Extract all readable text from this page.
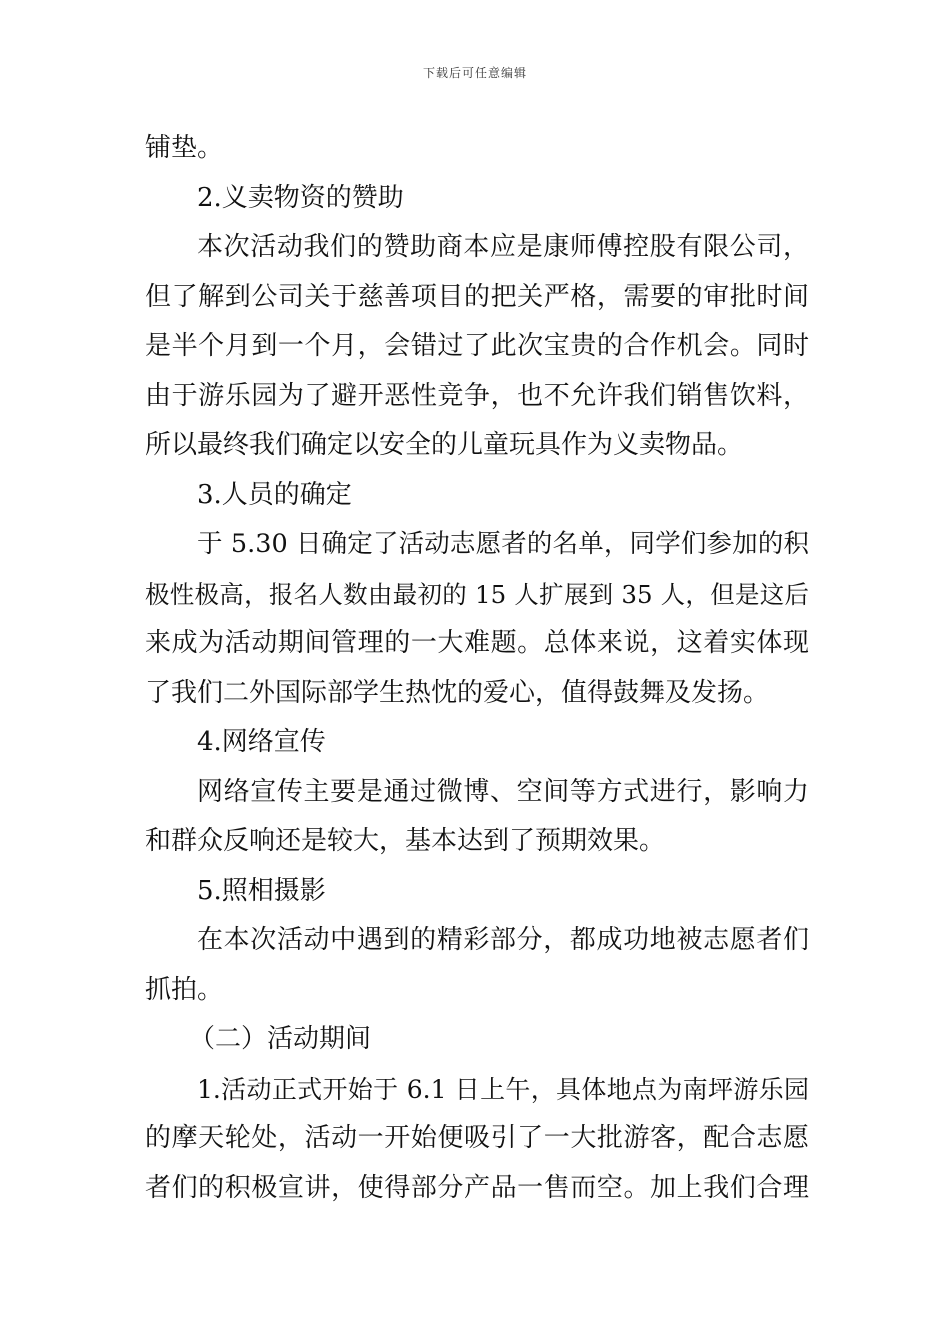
下载后可任意编辑
铺垫。
2.义卖物资的赞助
本次活动我们的赞助商本应是康师傅控股有限公司，
但了解到公司关于慈善项目的把关严格，需要的审批时间
是半个月到一个月，会错过了此次宝贵的合作机会。同时
由于游乐园为了避开恶性竞争，也不允许我们销售饮料，
所以最终我们确定以安全的儿童玩具作为义卖物品。
3.人员的确定
于 5.30 日确定了活动志愿者的名单，同学们参加的积
极性极高，报名人数由最初的 15 人扩展到 35 人，但是这后
来成为活动期间管理的一大难题。总体来说，这着实体现
了我们二外国际部学生热忱的爱心，值得鼓舞及发扬。
4.网络宣传
网络宣传主要是通过微博、空间等方式进行，影响力
和群众反响还是较大，基本达到了预期效果。
5.照相摄影
在本次活动中遇到的精彩部分，都成功地被志愿者们
抓拍。
（二）活动期间
1.活动正式开始于 6.1 日上午，具体地点为南坪游乐园
的摩天轮处，活动一开始便吸引了一大批游客，配合志愿
者们的积极宣讲，使得部分产品一售而空。加上我们合理
